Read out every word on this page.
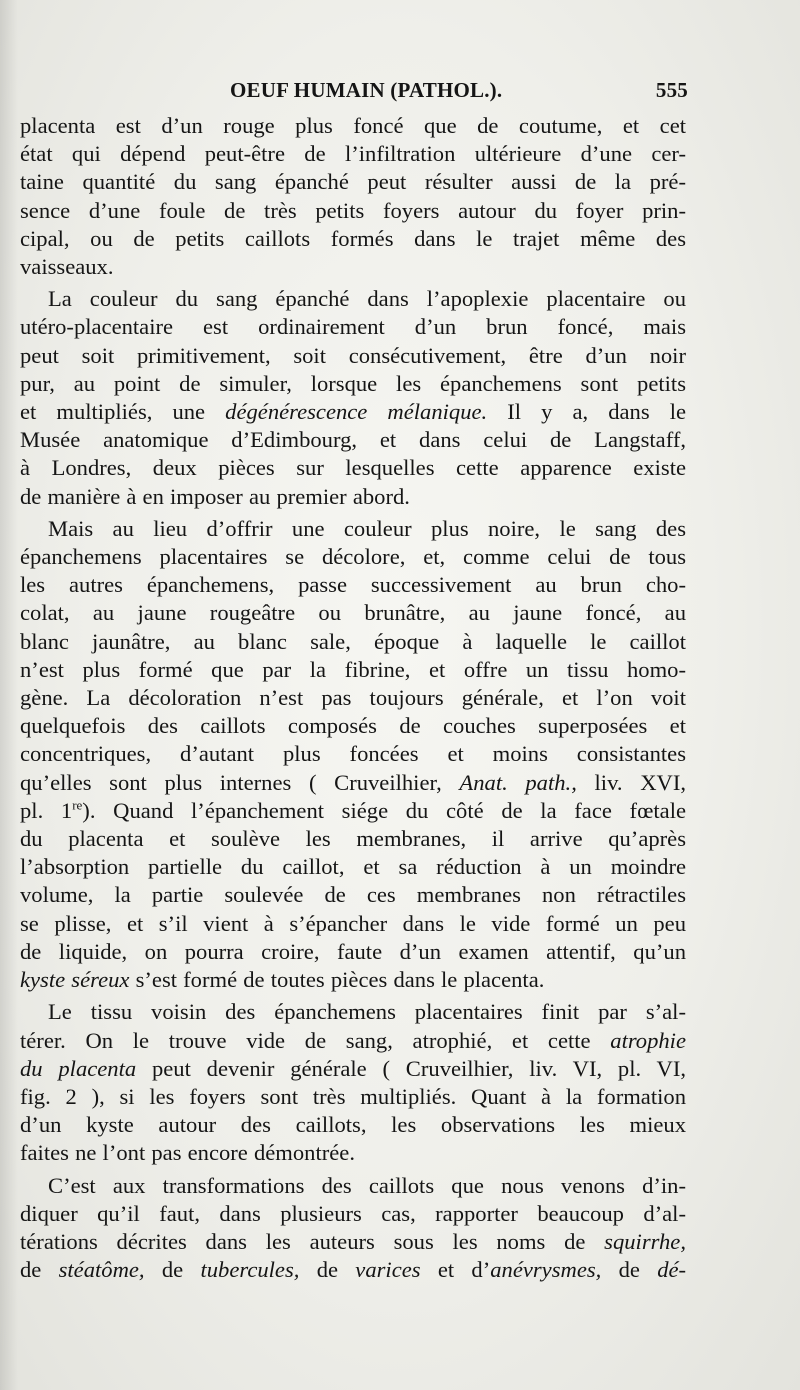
OEUF HUMAIN (PATHOL.).	555

placenta est d’un rouge plus foncé que de coutume, et cet
état qui dépend peut-être de l’infiltration ultérieure d’une cer-
taine quantité du sang épanché peut résulter aussi de la pré-
sence d’une foule de très petits foyers autour du foyer prin-
cipal, ou de petits caillots formés dans le trajet même des
vaisseaux.

La couleur du sang épanché dans l’apoplexie placentaire ou
utéro-placentaire est ordinairement d’un brun foncé, mais
peut soit primitivement, soit consécutivement, être d’un noir
pur, au point de simuler, lorsque les épanchemens sont petits
et multipliés, une dégénérescence mélanique. Il y a, dans le
Musée anatomique d’Edimbourg, et dans celui de Langstaff,
à Londres, deux pièces sur lesquelles cette apparence existe
de manière à en imposer au premier abord.

Mais au lieu d’offrir une couleur plus noire, le sang des
épanchemens placentaires se décolore, et, comme celui de tous
les autres épanchemens, passe successivement au brun cho-
colat, au jaune rougeâtre ou brunâtre, au jaune foncé, au
blanc jaunâtre, au blanc sale, époque à laquelle le caillot
n’est plus formé que par la fibrine, et offre un tissu homo-
gène. La décoloration n’est pas toujours générale, et l’on voit
quelquefois des caillots composés de couches superposées et
concentriques, d’autant plus foncées et moins consistantes
qu’elles sont plus internes ( Cruveilhier, Anat. path., liv. XVI,
pl. 1re). Quand l’épanchement siége du côté de la face fœtale
du placenta et soulève les membranes, il arrive qu’après
l’absorption partielle du caillot, et sa réduction à un moindre
volume, la partie soulevée de ces membranes non rétractiles
se plisse, et s’il vient à s’épancher dans le vide formé un peu
de liquide, on pourra croire, faute d’un examen attentif, qu’un
kyste séreux s’est formé de toutes pièces dans le placenta.

Le tissu voisin des épanchemens placentaires finit par s’al-
térer. On le trouve vide de sang, atrophié, et cette atrophie
du placenta peut devenir générale ( Cruveilhier, liv. VI, pl. VI,
fig. 2 ), si les foyers sont très multipliés. Quant à la formation
d’un kyste autour des caillots, les observations les mieux
faites ne l’ont pas encore démontrée.

C’est aux transformations des caillots que nous venons d’in-
diquer qu’il faut, dans plusieurs cas, rapporter beaucoup d’al-
térations décrites dans les auteurs sous les noms de squirrhe,
de stéatôme, de tubercules, de varices et d’anévrysmes, de dé-
